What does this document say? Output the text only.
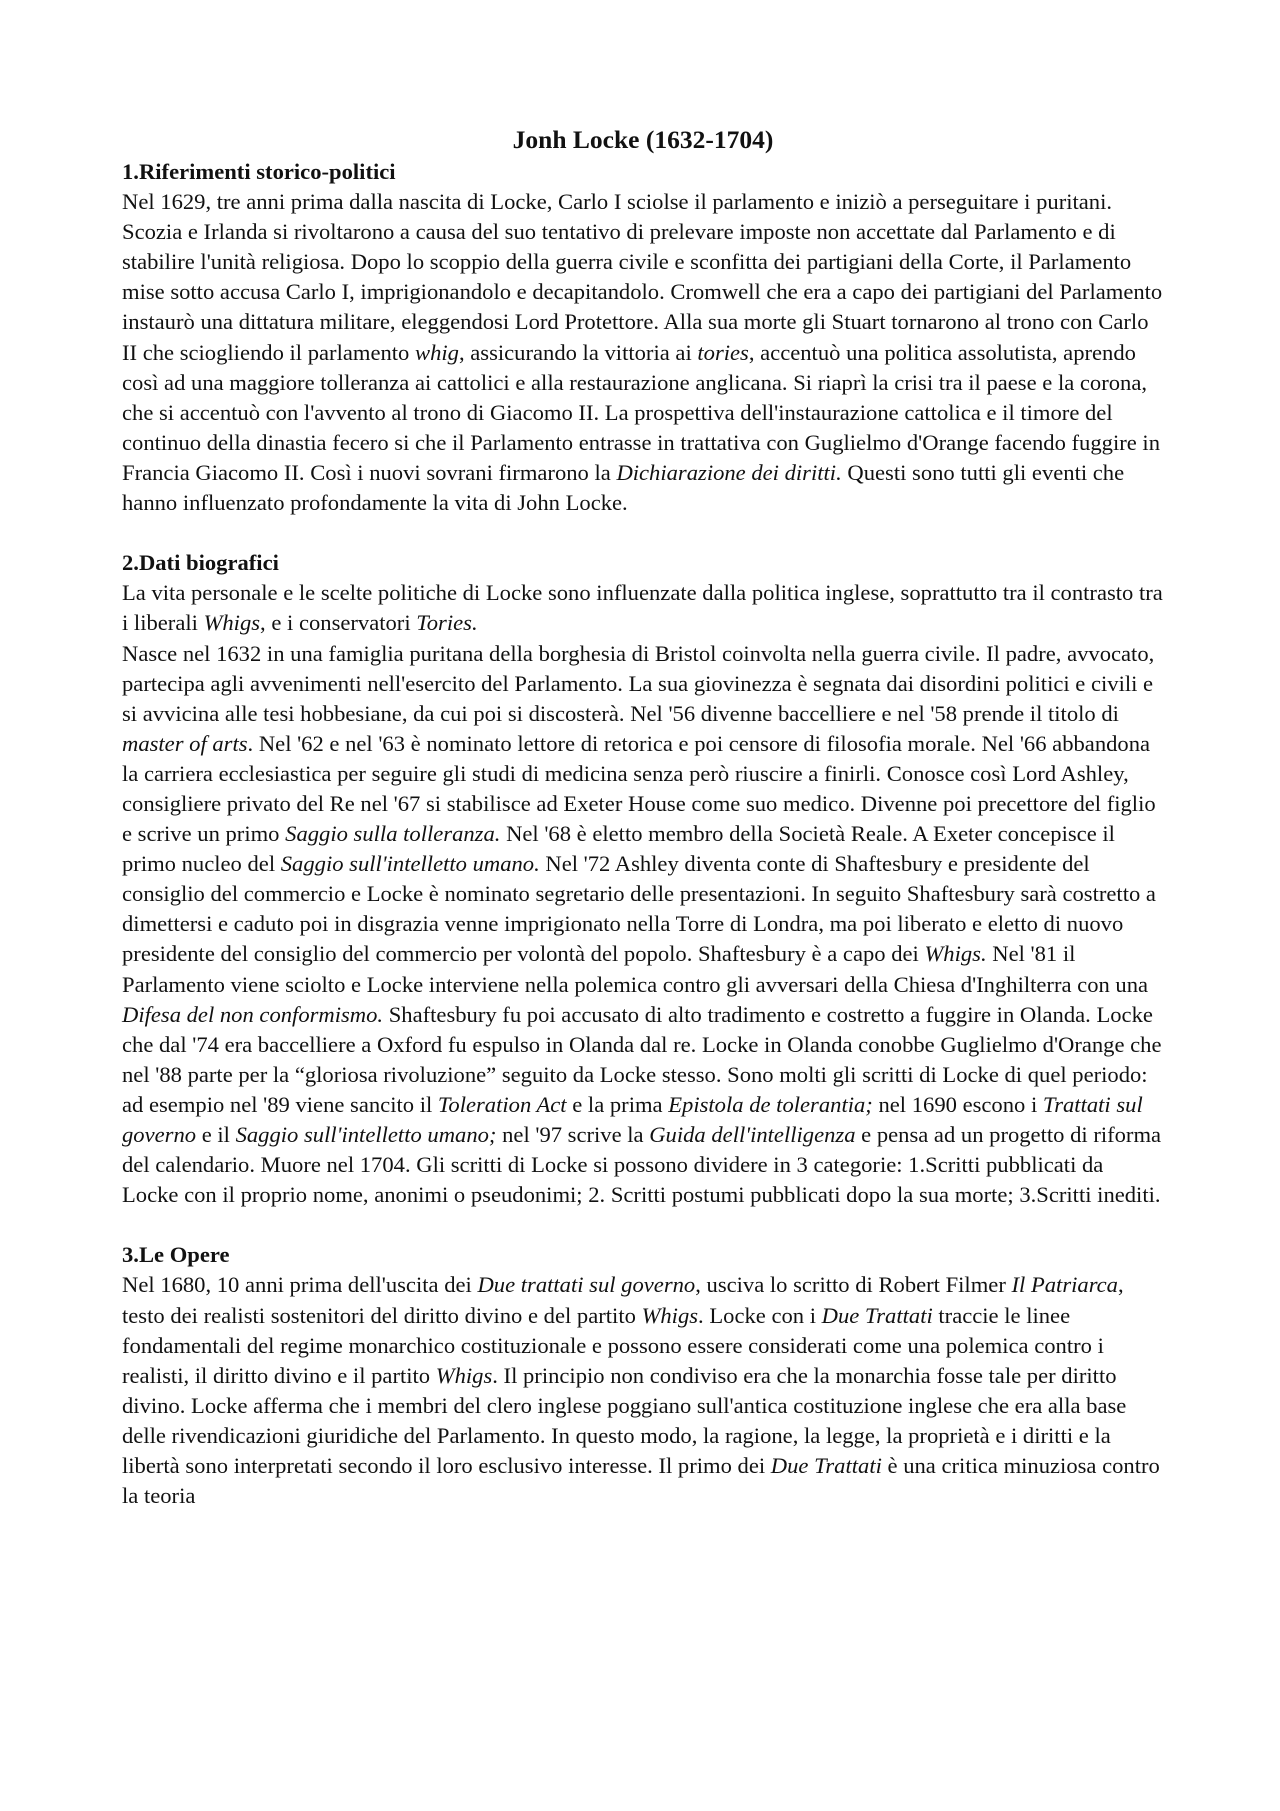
Jonh Locke (1632-1704)
1.Riferimenti storico-politici

Nel 1629, tre anni prima dalla nascita di Locke, Carlo I sciolse il parlamento e iniziò a perseguitare i puritani. Scozia e Irlanda si rivoltarono a causa del suo tentativo di prelevare imposte non accettate dal Parlamento e di stabilire l'unità religiosa. Dopo lo scoppio della guerra civile e sconfitta dei partigiani della Corte, il Parlamento mise sotto accusa Carlo I, imprigionandolo e decapitandolo. Cromwell che era a capo dei partigiani del Parlamento instaurò una dittatura militare, eleggendosi Lord Protettore. Alla sua morte gli Stuart tornarono al trono con Carlo II che sciogliendo il parlamento whig, assicurando la vittoria ai tories, accentuò una politica assolutista, aprendo così ad una maggiore tolleranza ai cattolici e alla restaurazione anglicana. Si riaprì la crisi tra il paese e la corona, che si accentuò con l'avvento al trono di Giacomo II. La prospettiva dell'instaurazione cattolica e il timore del continuo della dinastia fecero si che il Parlamento entrasse in trattativa con Guglielmo d'Orange facendo fuggire in Francia Giacomo II. Così i nuovi sovrani firmarono la Dichiarazione dei diritti. Questi sono tutti gli eventi che hanno influenzato profondamente la vita di John Locke.

2.Dati biografici

La vita personale e le scelte politiche di Locke sono influenzate dalla politica inglese, soprattutto tra il contrasto tra i liberali Whigs, e i conservatori Tories.

Nasce nel 1632 in una famiglia puritana della borghesia di Bristol coinvolta nella guerra civile. Il padre, avvocato, partecipa agli avvenimenti nell'esercito del Parlamento. La sua giovinezza è segnata dai disordini politici e civili e si avvicina alle tesi hobbesiane, da cui poi si discosterà. Nel '56 divenne baccelliere e nel '58 prende il titolo di master of arts. Nel '62 e nel '63 è nominato lettore di retorica e poi censore di filosofia morale. Nel '66 abbandona la carriera ecclesiastica per seguire gli studi di medicina senza però riuscire a finirli. Conosce così Lord Ashley, consigliere privato del Re nel '67 si stabilisce ad Exeter House come suo medico. Divenne poi precettore del figlio e scrive un primo Saggio sulla tolleranza. Nel '68 è eletto membro della Società Reale. A Exeter concepisce il primo nucleo del Saggio sull'intelletto umano. Nel '72 Ashley diventa conte di Shaftesbury e presidente del consiglio del commercio e Locke è nominato segretario delle presentazioni. In seguito Shaftesbury sarà costretto a dimettersi e caduto poi in disgrazia venne imprigionato nella Torre di Londra, ma poi liberato e eletto di nuovo presidente del consiglio del commercio per volontà del popolo. Shaftesbury è a capo dei Whigs. Nel '81 il Parlamento viene sciolto e Locke interviene nella polemica contro gli avversari della Chiesa d'Inghilterra con una Difesa del non conformismo. Shaftesbury fu poi accusato di alto tradimento e costretto a fuggire in Olanda. Locke che dal '74 era baccelliere a Oxford fu espulso in Olanda dal re. Locke in Olanda conobbe Guglielmo d'Orange che nel '88 parte per la “gloriosa rivoluzione” seguito da Locke stesso. Sono molti gli scritti di Locke di quel periodo: ad esempio nel '89 viene sancito il Toleration Act e la prima Epistola de tolerantia; nel 1690 escono i Trattati sul governo e il Saggio sull'intelletto umano; nel '97 scrive la Guida dell'intelligenza e pensa ad un progetto di riforma del calendario. Muore nel 1704. Gli scritti di Locke si possono dividere in 3 categorie: 1.Scritti pubblicati da Locke con il proprio nome, anonimi o pseudonimi; 2. Scritti postumi pubblicati dopo la sua morte; 3.Scritti inediti.

3.Le Opere

Nel 1680, 10 anni prima dell'uscita dei Due trattati sul governo, usciva lo scritto di Robert Filmer Il Patriarca, testo dei realisti sostenitori del diritto divino e del partito Whigs. Locke con i Due Trattati traccie le linee fondamentali del regime monarchico costituzionale e possono essere considerati come una polemica contro i realisti, il diritto divino e il partito Whigs. Il principio non condiviso era che la monarchia fosse tale per diritto divino. Locke afferma che i membri del clero inglese poggiano sull'antica costituzione inglese che era alla base delle rivendicazioni giuridiche del Parlamento. In questo modo, la ragione, la legge, la proprietà e i diritti e la libertà sono interpretati secondo il loro esclusivo interesse. Il primo dei Due Trattati è una critica minuziosa contro la teoria
